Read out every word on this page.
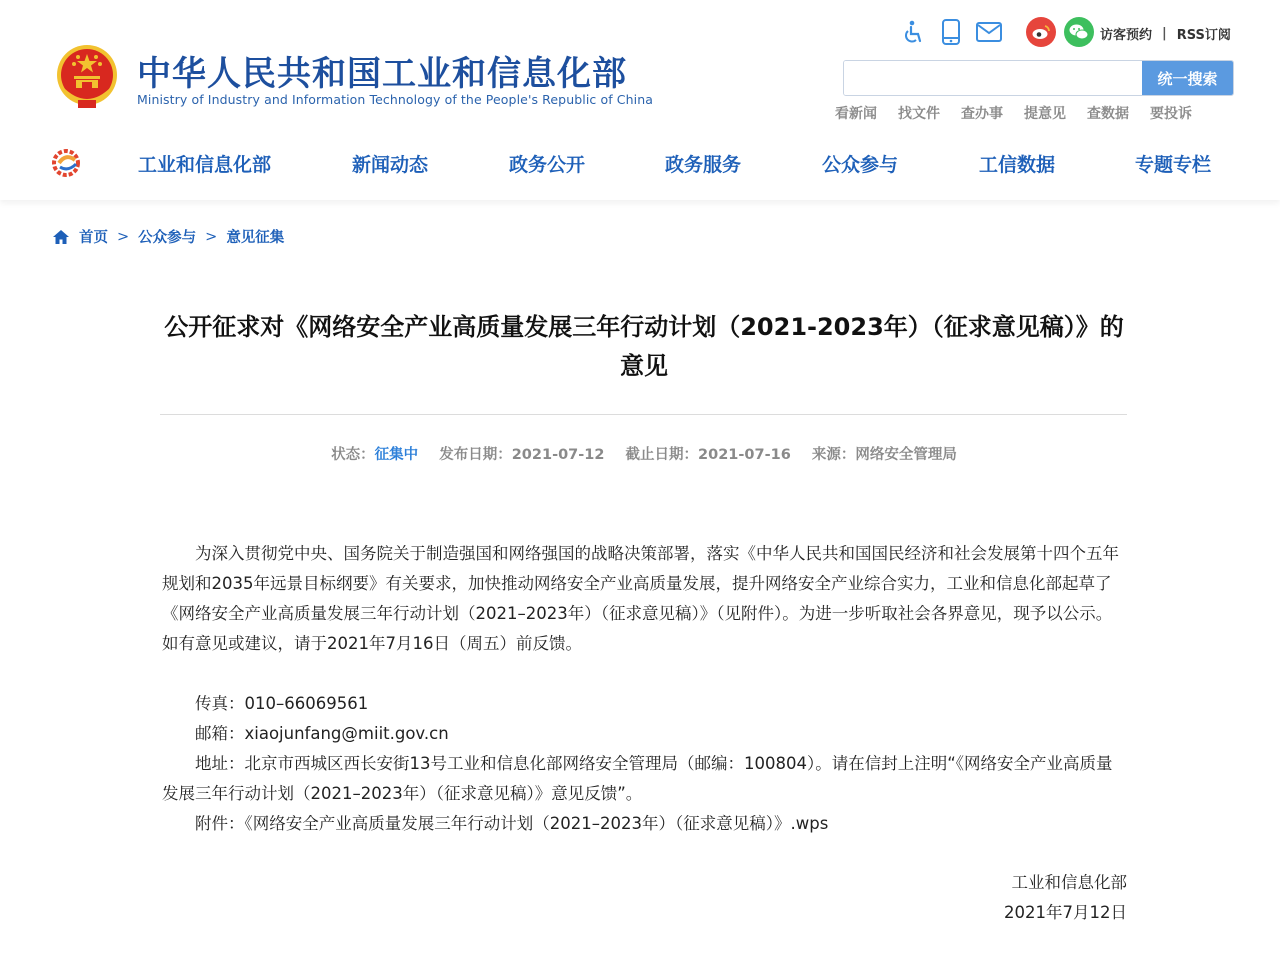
中华人民共和国工业和信息化部
Ministry of Industry and Information Technology of the People's Republic of China
访客预约 | RSS订阅
统一搜索
看新闻 找文件 查办事 提意见 查数据 要投诉
工业和信息化部	新闻动态	政务公开	政务服务	公众参与	工信数据	专题专栏
首页 > 公众参与 > 意见征集
公开征求对《网络安全产业高质量发展三年行动计划（2021-2023年）（征求意见稿）》的意见
状态：征集中 发布日期：2021-07-12 截止日期：2021-07-16 来源：网络安全管理局

为深入贯彻党中央、国务院关于制造强国和网络强国的战略决策部署，落实《中华人民共和国国民经济和社会发展第十四个五年规划和2035年远景目标纲要》有关要求，加快推动网络安全产业高质量发展，提升网络安全产业综合实力，工业和信息化部起草了《网络安全产业高质量发展三年行动计划（2021–2023年）（征求意见稿）》（见附件）。为进一步听取社会各界意见，现予以公示。如有意见或建议，请于2021年7月16日（周五）前反馈。

传真：010–66069561

邮箱：xiaojunfang@miit.gov.cn

地址：北京市西城区西长安街13号工业和信息化部网络安全管理局（邮编：100804）。请在信封上注明“《网络安全产业高质量发展三年行动计划（2021–2023年）（征求意见稿）》意见反馈”。

附件：《网络安全产业高质量发展三年行动计划（2021–2023年）（征求意见稿）》.wps

工业和信息化部
2021年7月12日
